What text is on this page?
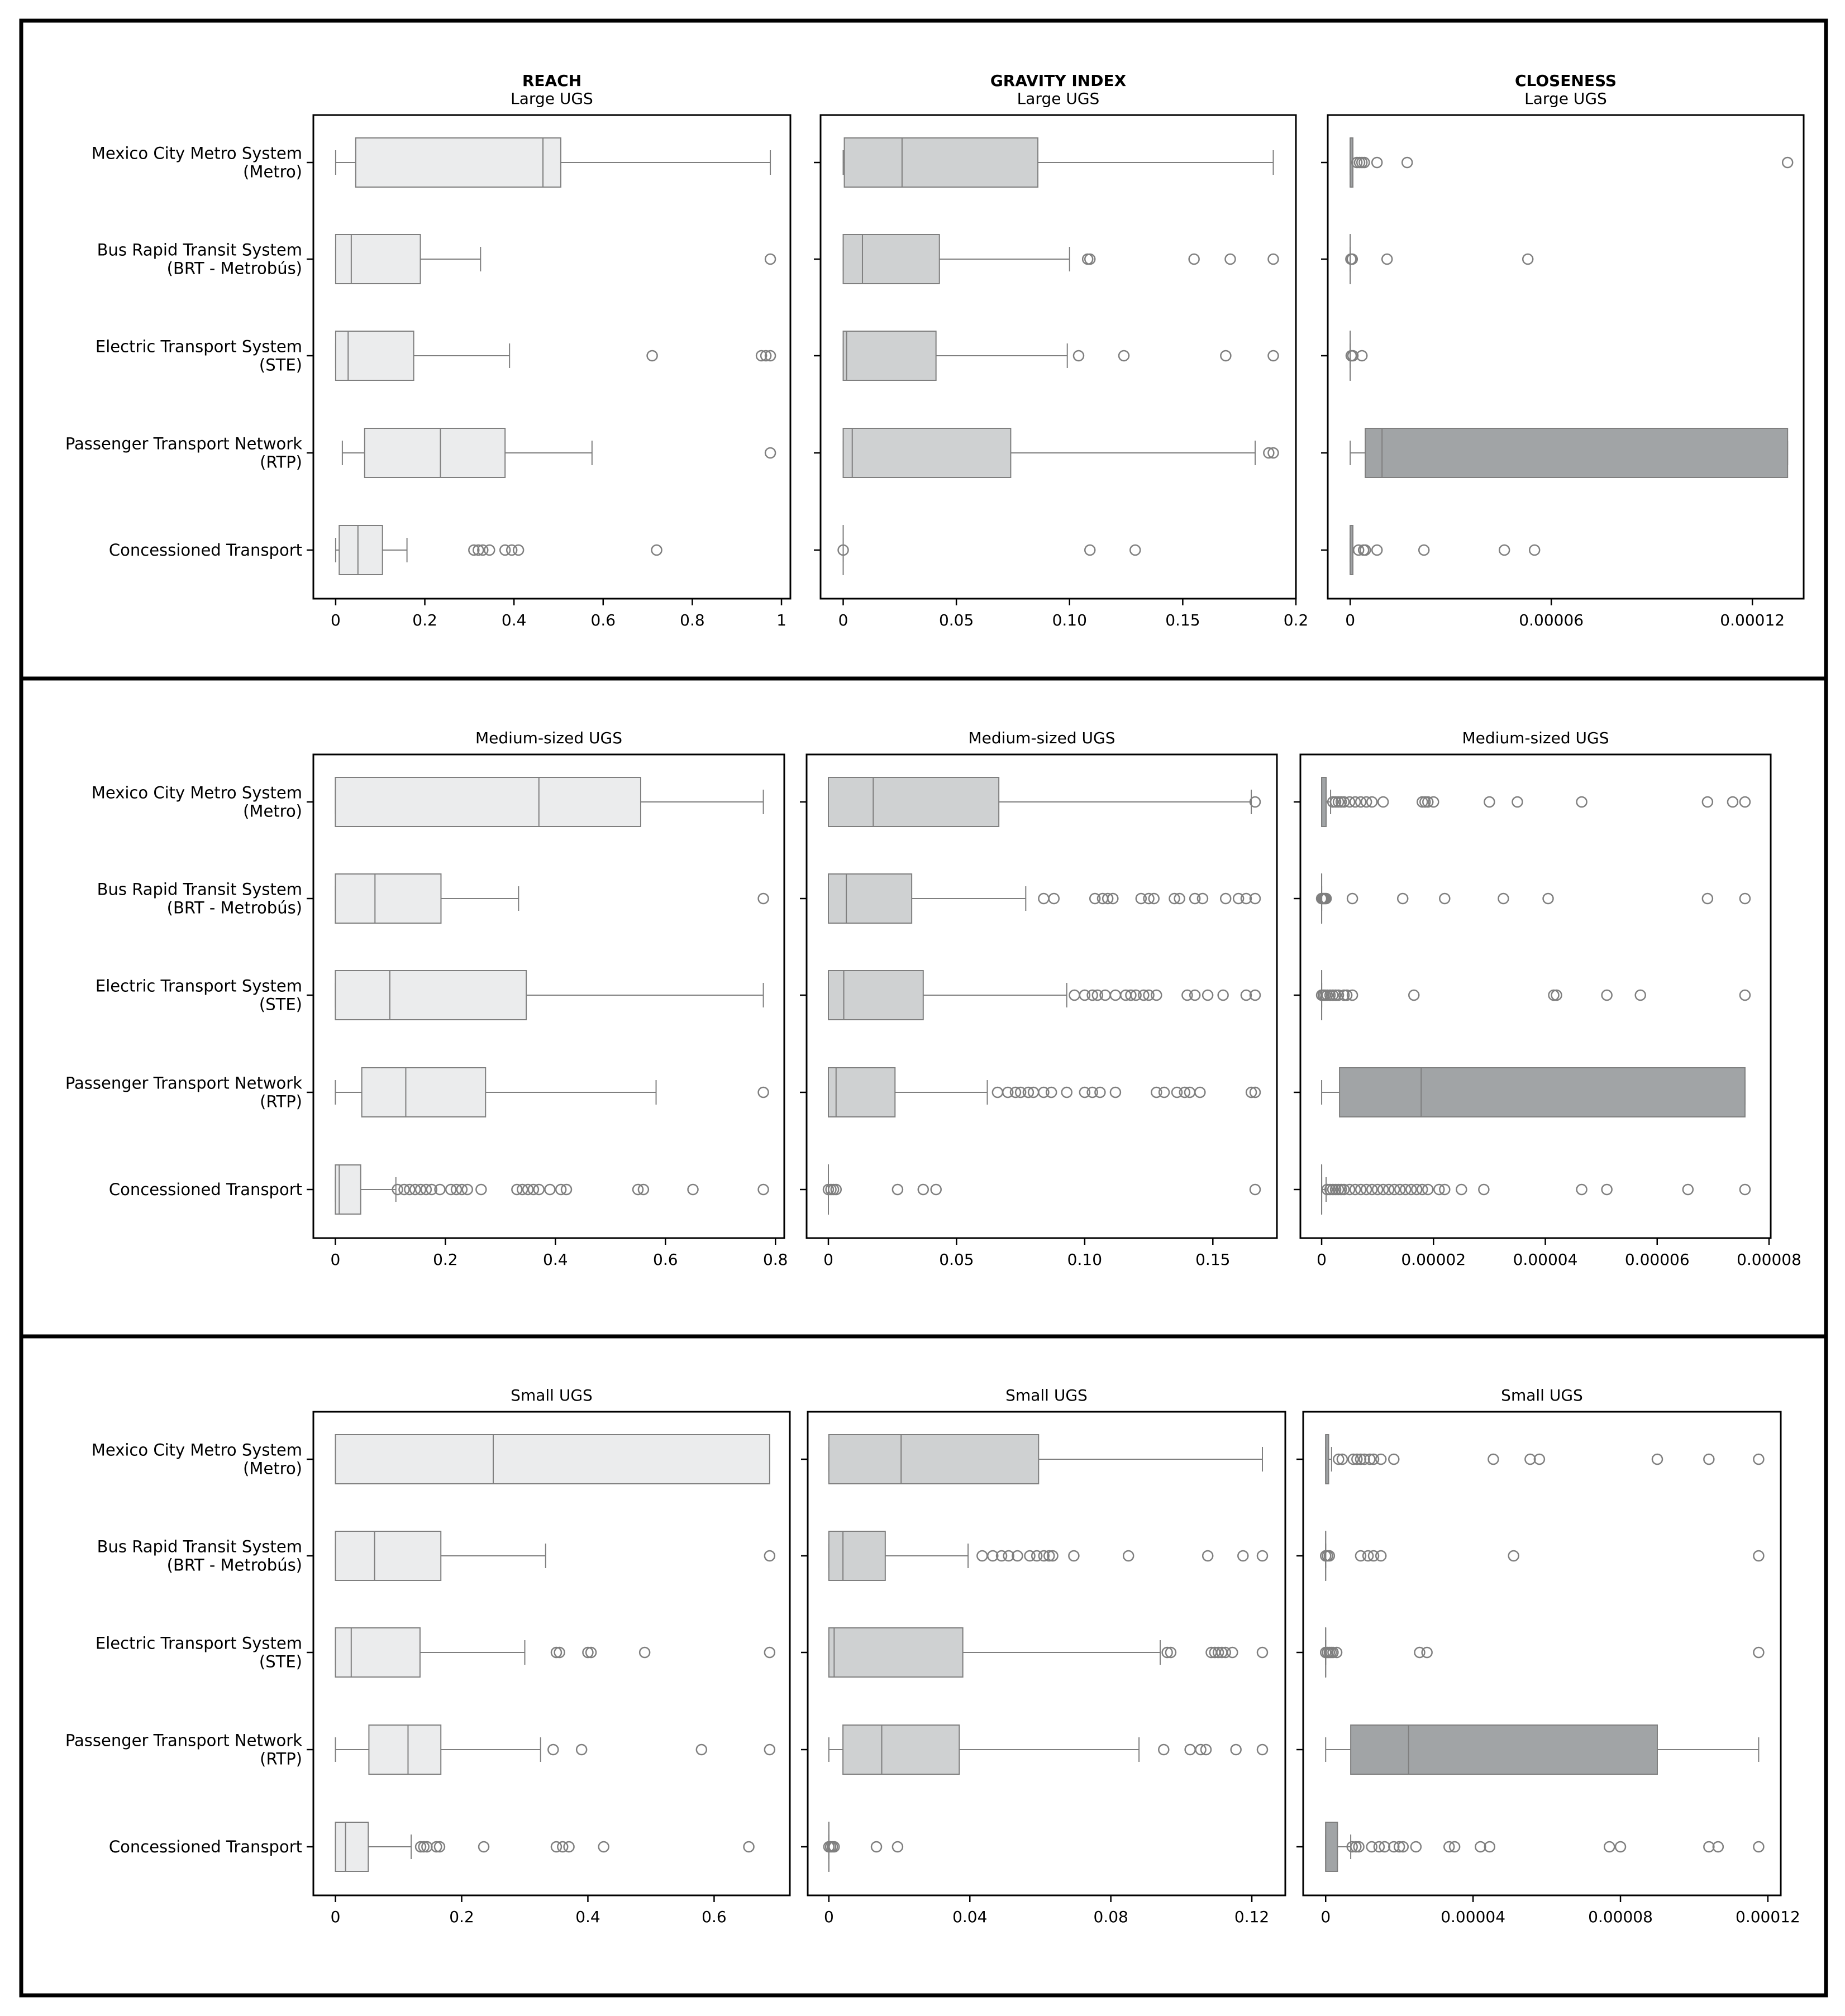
REACH
Large UGS
0	0.2	0.4	0.6	0.8	1
Mexico City Metro System
(Metro)
Bus Rapid Transit System
(BRT - Metrobús)
Electric Transport System
(STE)
Passenger Transport Network
(RTP)
Concessioned Transport
GRAVITY INDEX
Large UGS
0	0.05	0.10	0.15	0.2
CLOSENESS
Large UGS
0	0.00006	0.00012
Medium-sized UGS
0	0.2	0.4	0.6	0.8
Mexico City Metro System
(Metro)
Bus Rapid Transit System
(BRT - Metrobús)
Electric Transport System
(STE)
Passenger Transport Network
(RTP)
Concessioned Transport
Medium-sized UGS
0	0.05	0.10	0.15
Medium-sized UGS
0	0.00002	0.00004	0.00006	0.00008
Small UGS
0	0.2	0.4	0.6
Mexico City Metro System
(Metro)
Bus Rapid Transit System
(BRT - Metrobús)
Electric Transport System
(STE)
Passenger Transport Network
(RTP)
Concessioned Transport
Small UGS
0	0.04	0.08	0.12
Small UGS
0	0.00004	0.00008	0.00012
